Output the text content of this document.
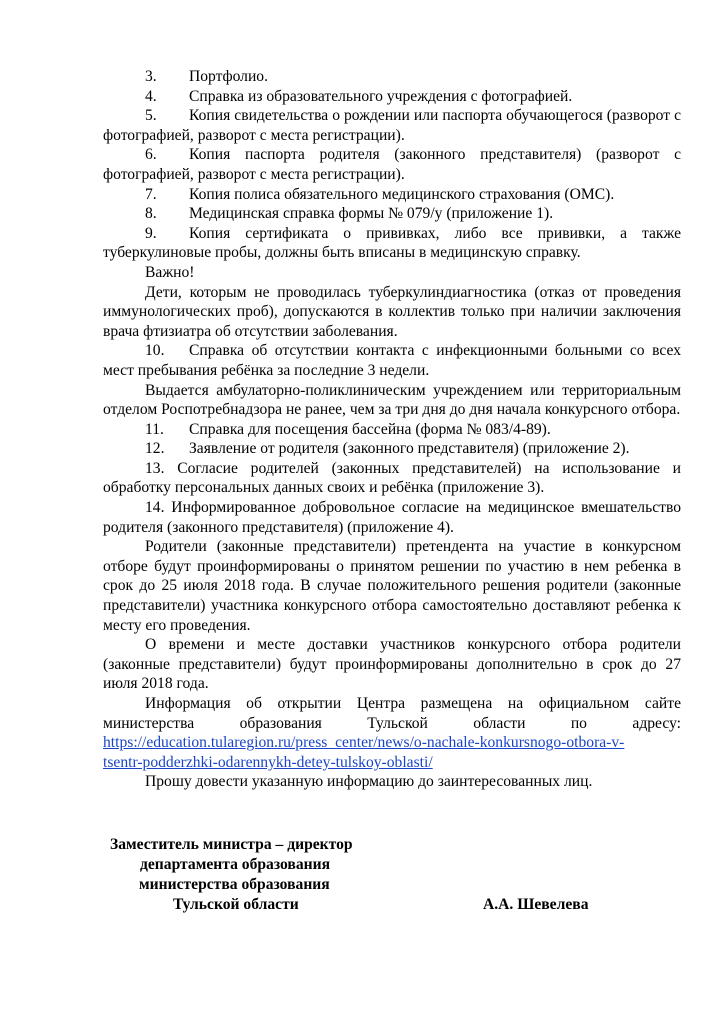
3. Портфолио.

4. Справка из образовательного учреждения с фотографией.

5. Копия свидетельства о рождении или паспорта обучающегося (разворот с фотографией, разворот с места регистрации).

6. Копия паспорта родителя (законного представителя) (разворот с фотографией, разворот с места регистрации).

7. Копия полиса обязательного медицинского страхования (ОМС).

8. Медицинская справка формы № 079/у (приложение 1).

9. Копия сертификата о прививках, либо все прививки, а также туберкулиновые пробы, должны быть вписаны в медицинскую справку.

Важно!

Дети, которым не проводилась туберкулиндиагностика (отказ от проведения иммунологических проб), допускаются в коллектив только при наличии заключения врача фтизиатра об отсутствии заболевания.

10. Справка об отсутствии контакта с инфекционными больными со всех мест пребывания ребёнка за последние 3 недели.

Выдается амбулаторно-поликлиническим учреждением или территориальным отделом Роспотребнадзора не ранее, чем за три дня до дня начала конкурсного отбора.

11. Справка для посещения бассейна (форма № 083/4-89).

12. Заявление от родителя (законного представителя) (приложение 2).

13. Согласие родителей (законных представителей) на использование и обработку персональных данных своих и ребёнка (приложение 3).

14. Информированное добровольное согласие на медицинское вмешательство родителя (законного представителя) (приложение 4).

Родители (законные представители) претендента на участие в конкурсном отборе будут проинформированы о принятом решении по участию в нем ребенка в срок до 25 июля 2018 года. В случае положительного решения родители (законные представители) участника конкурсного отбора самостоятельно доставляют ребенка к месту его проведения.

О времени и месте доставки участников конкурсного отбора родители (законные представители) будут проинформированы дополнительно в срок до 27 июля 2018 года.

Информация об открытии Центра размещена на официальном сайте

министерства образования Тульской области по адресу:

https://education.tularegion.ru/press_center/news/o-nachale-konkursnogo-otbora-v-

tsentr-podderzhki-odarennykh-detey-tulskoy-oblasti/

Прошу довести указанную информацию до заинтересованных лиц.

Заместитель министра – директор
департамента образования
министерства образования
Тульской области	А.А. Шевелева
